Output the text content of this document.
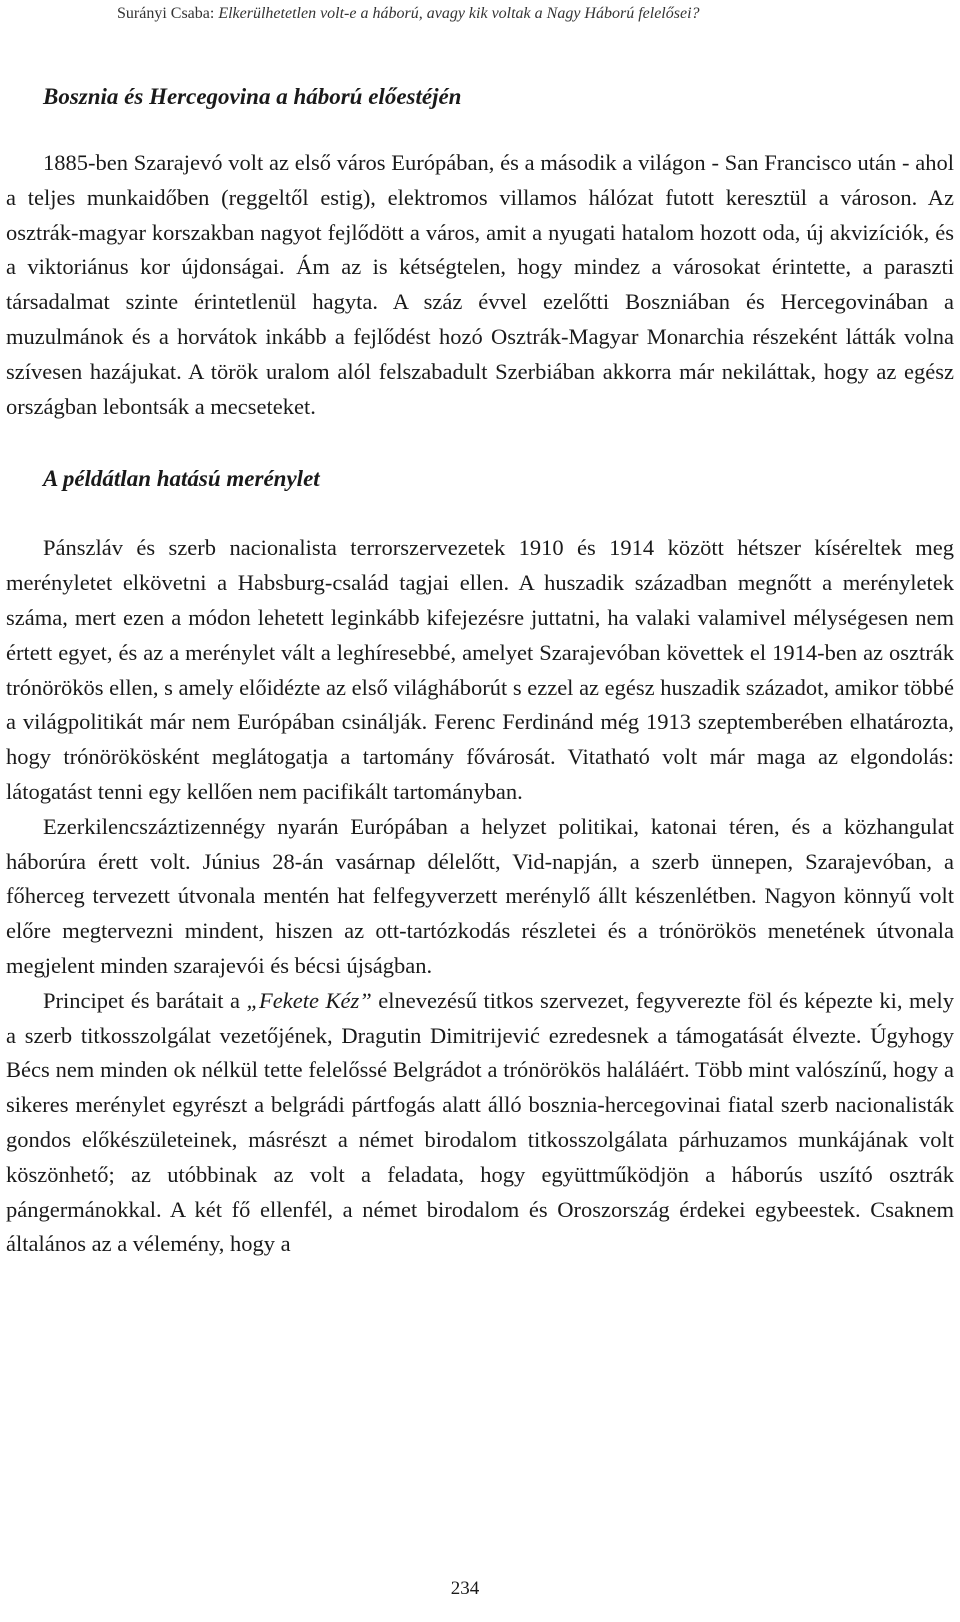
Surányi Csaba: Elkerülhetetlen volt-e a háború, avagy kik voltak a Nagy Háború felelősei?
Bosznia és Hercegovina a háború előestéjén

1885-ben Szarajevó volt az első város Európában, és a második a világon - San Francisco után - ahol a teljes munkaidőben (reggeltől estig), elektromos villamos hálózat futott keresztül a városon. Az osztrák-magyar korszakban nagyot fejlődött a város, amit a nyugati hatalom hozott oda, új akvizíciók, és a viktoriánus kor újdonságai. Ám az is kétségtelen, hogy mindez a városokat érintette, a paraszti társadalmat szinte érintetlenül hagyta. A száz évvel ezelőtti Boszniában és Hercegovinában a muzulmánok és a horvátok inkább a fejlődést hozó Osztrák-Magyar Monarchia részeként látták volna szívesen hazájukat. A török uralom alól felszabadult Szerbiában akkorra már nekiláttak, hogy az egész országban lebontsák a mecseteket.

A példátlan hatású merénylet

Pánszláv és szerb nacionalista terrorszervezetek 1910 és 1914 között hétszer kíséreltek meg merényletet elkövetni a Habsburg-család tagjai ellen. A huszadik században megnőtt a merényletek száma, mert ezen a módon lehetett leginkább kifejezésre juttatni, ha valaki valamivel mélységesen nem értett egyet, és az a merénylet vált a leghíresebbé, amelyet Szarajevóban követtek el 1914-ben az osztrák trónörökös ellen, s amely előidézte az első világháborút s ezzel az egész huszadik századot, amikor többé a világpolitikát már nem Európában csinálják. Ferenc Ferdinánd még 1913 szeptemberében elhatározta, hogy trónörökösként meglátogatja a tartomány fővárosát. Vitatható volt már maga az elgondolás: látogatást tenni egy kellően nem pacifikált tartományban.

Ezerkilencszáztizennégy nyarán Európában a helyzet politikai, katonai téren, és a közhangulat háborúra érett volt. Június 28-án vasárnap délelőtt, Vid-napján, a szerb ünnepen, Szarajevóban, a főherceg tervezett útvonala mentén hat felfegyverzett merénylő állt készenlétben. Nagyon könnyű volt előre megtervezni mindent, hiszen az ott-tartózkodás részletei és a trónörökös menetének útvonala megjelent minden szarajevói és bécsi újságban.

Principet és barátait a „Fekete Kéz” elnevezésű titkos szervezet, fegyverezte föl és képezte ki, mely a szerb titkosszolgálat vezetőjének, Dragutin Dimitrijević ezredesnek a támogatását élvezte. Úgyhogy Bécs nem minden ok nélkül tette felelőssé Belgrádot a trónörökös haláláért. Több mint valószínű, hogy a sikeres merénylet egyrészt a belgrádi pártfogás alatt álló bosznia-hercegovinai fiatal szerb nacionalisták gondos előkészületeinek, másrészt a német birodalom titkosszolgálata párhuzamos munkájának volt köszönhető; az utóbbinak az volt a feladata, hogy együttműködjön a háborús uszító osztrák pángermánokkal. A két fő ellenfél, a német birodalom és Oroszország érdekei egybeestek. Csaknem általános az a vélemény, hogy a

234
